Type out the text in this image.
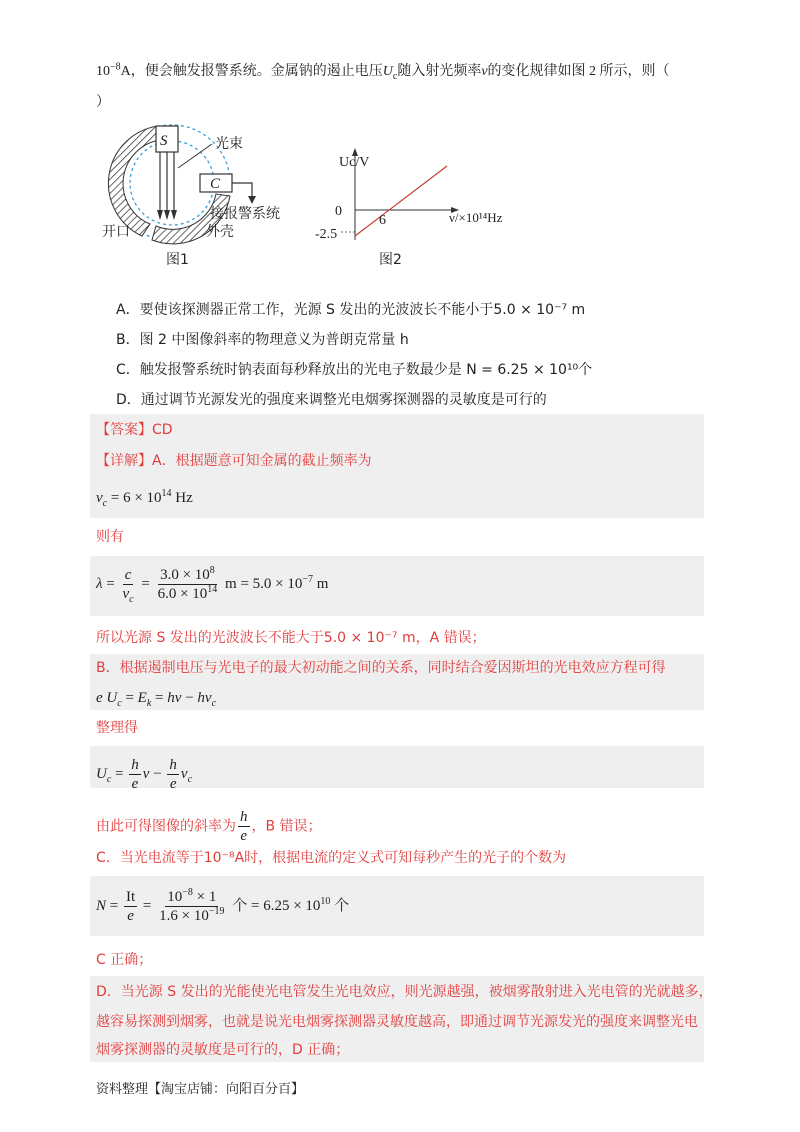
$10^{-8}A$，便会触发报警系统。金属钠的遏止电压$U_c$随入射光频率ν的变化规律如图 2 所示，则（
）
S
C
光束
接报警系统
开口	外壳
图1
Uc/V
0
6
-2.5
ν/×10¹⁴Hz
图2
A．要使该探测器正常工作，光源 S 发出的光波波长不能小于5.0 × 10⁻⁷ m
B．图 2 中图像斜率的物理意义为普朗克常量 h
C．触发报警系统时钠表面每秒释放出的光电子数最少是 N = 6.25 × 10¹⁰个
D．通过调节光源发光的强度来调整光电烟雾探测器的灵敏度是可行的
【答案】CD
【详解】A．根据题意可知金属的截止频率为
$\nu_c = 6 \times 10^{14}$ Hz
则有
$\lambda = \frac{c}{\nu_c} = \frac{3.0 \times 10^8}{6.0 \times 10^{14}}$ $m = 5.0 \times 10^{-7}$ m
所以光源 S 发出的光波波长不能大于5.0 × 10⁻⁷ m，A 错误；
B．根据遏制电压与光电子的最大初动能之间的关系，同时结合爱因斯坦的光电效应方程可得
e $U_c = E_k = h\nu - h\nu_c$
整理得
$U_c = \frac{h}{e}$ $\nu - \frac{h}{e} \nu_c$
由此可得图像的斜率为 $\frac{h}{e}$ ，B 错误；
C．当光电流等于10⁻⁸A时，根据电流的定义式可知每秒产生的光子的个数为
$N = \frac{It}{e} = \frac{10^{-8} \times 1}{1.6 \times 10^{-19}}$ 个 = $6.25 \times 10^{10}$ 个
C 正确；
D．当光源 S 发出的光能使光电管发生光电效应，则光源越强，被烟雾散射进入光电管的光就越多，
越容易探测到烟雾，也就是说光电烟雾探测器灵敏度越高，即通过调节光源发光的强度来调整光电
烟雾探测器的灵敏度是可行的，D 正确；
资料整理【淘宝店铺：向阳百分百】
